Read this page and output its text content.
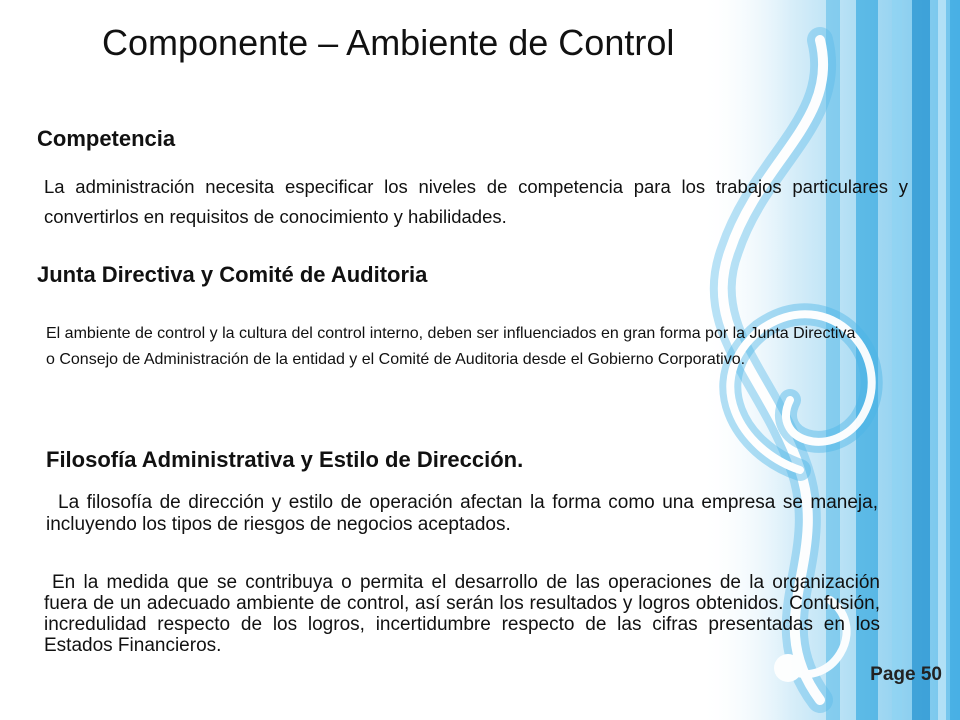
Componente – Ambiente de Control
Competencia
La administración necesita especificar los niveles de competencia para los trabajos particulares y convertirlos en requisitos de conocimiento y habilidades.
Junta Directiva y Comité de Auditoria
El ambiente de control y la cultura del control interno, deben ser influenciados en gran forma por la Junta Directiva o Consejo de Administración de la entidad y el Comité de Auditoria desde el Gobierno Corporativo.
Filosofía Administrativa y Estilo de Dirección.
La filosofía de dirección y estilo de operación afectan la forma como una empresa se maneja, incluyendo los tipos de riesgos de negocios aceptados.
En la medida que se contribuya o permita el desarrollo de las operaciones de la organización fuera de un adecuado ambiente de control, así serán los resultados y logros obtenidos. Confusión, incredulidad respecto de los logros, incertidumbre respecto de las cifras presentadas en los Estados Financieros.
Page 50
